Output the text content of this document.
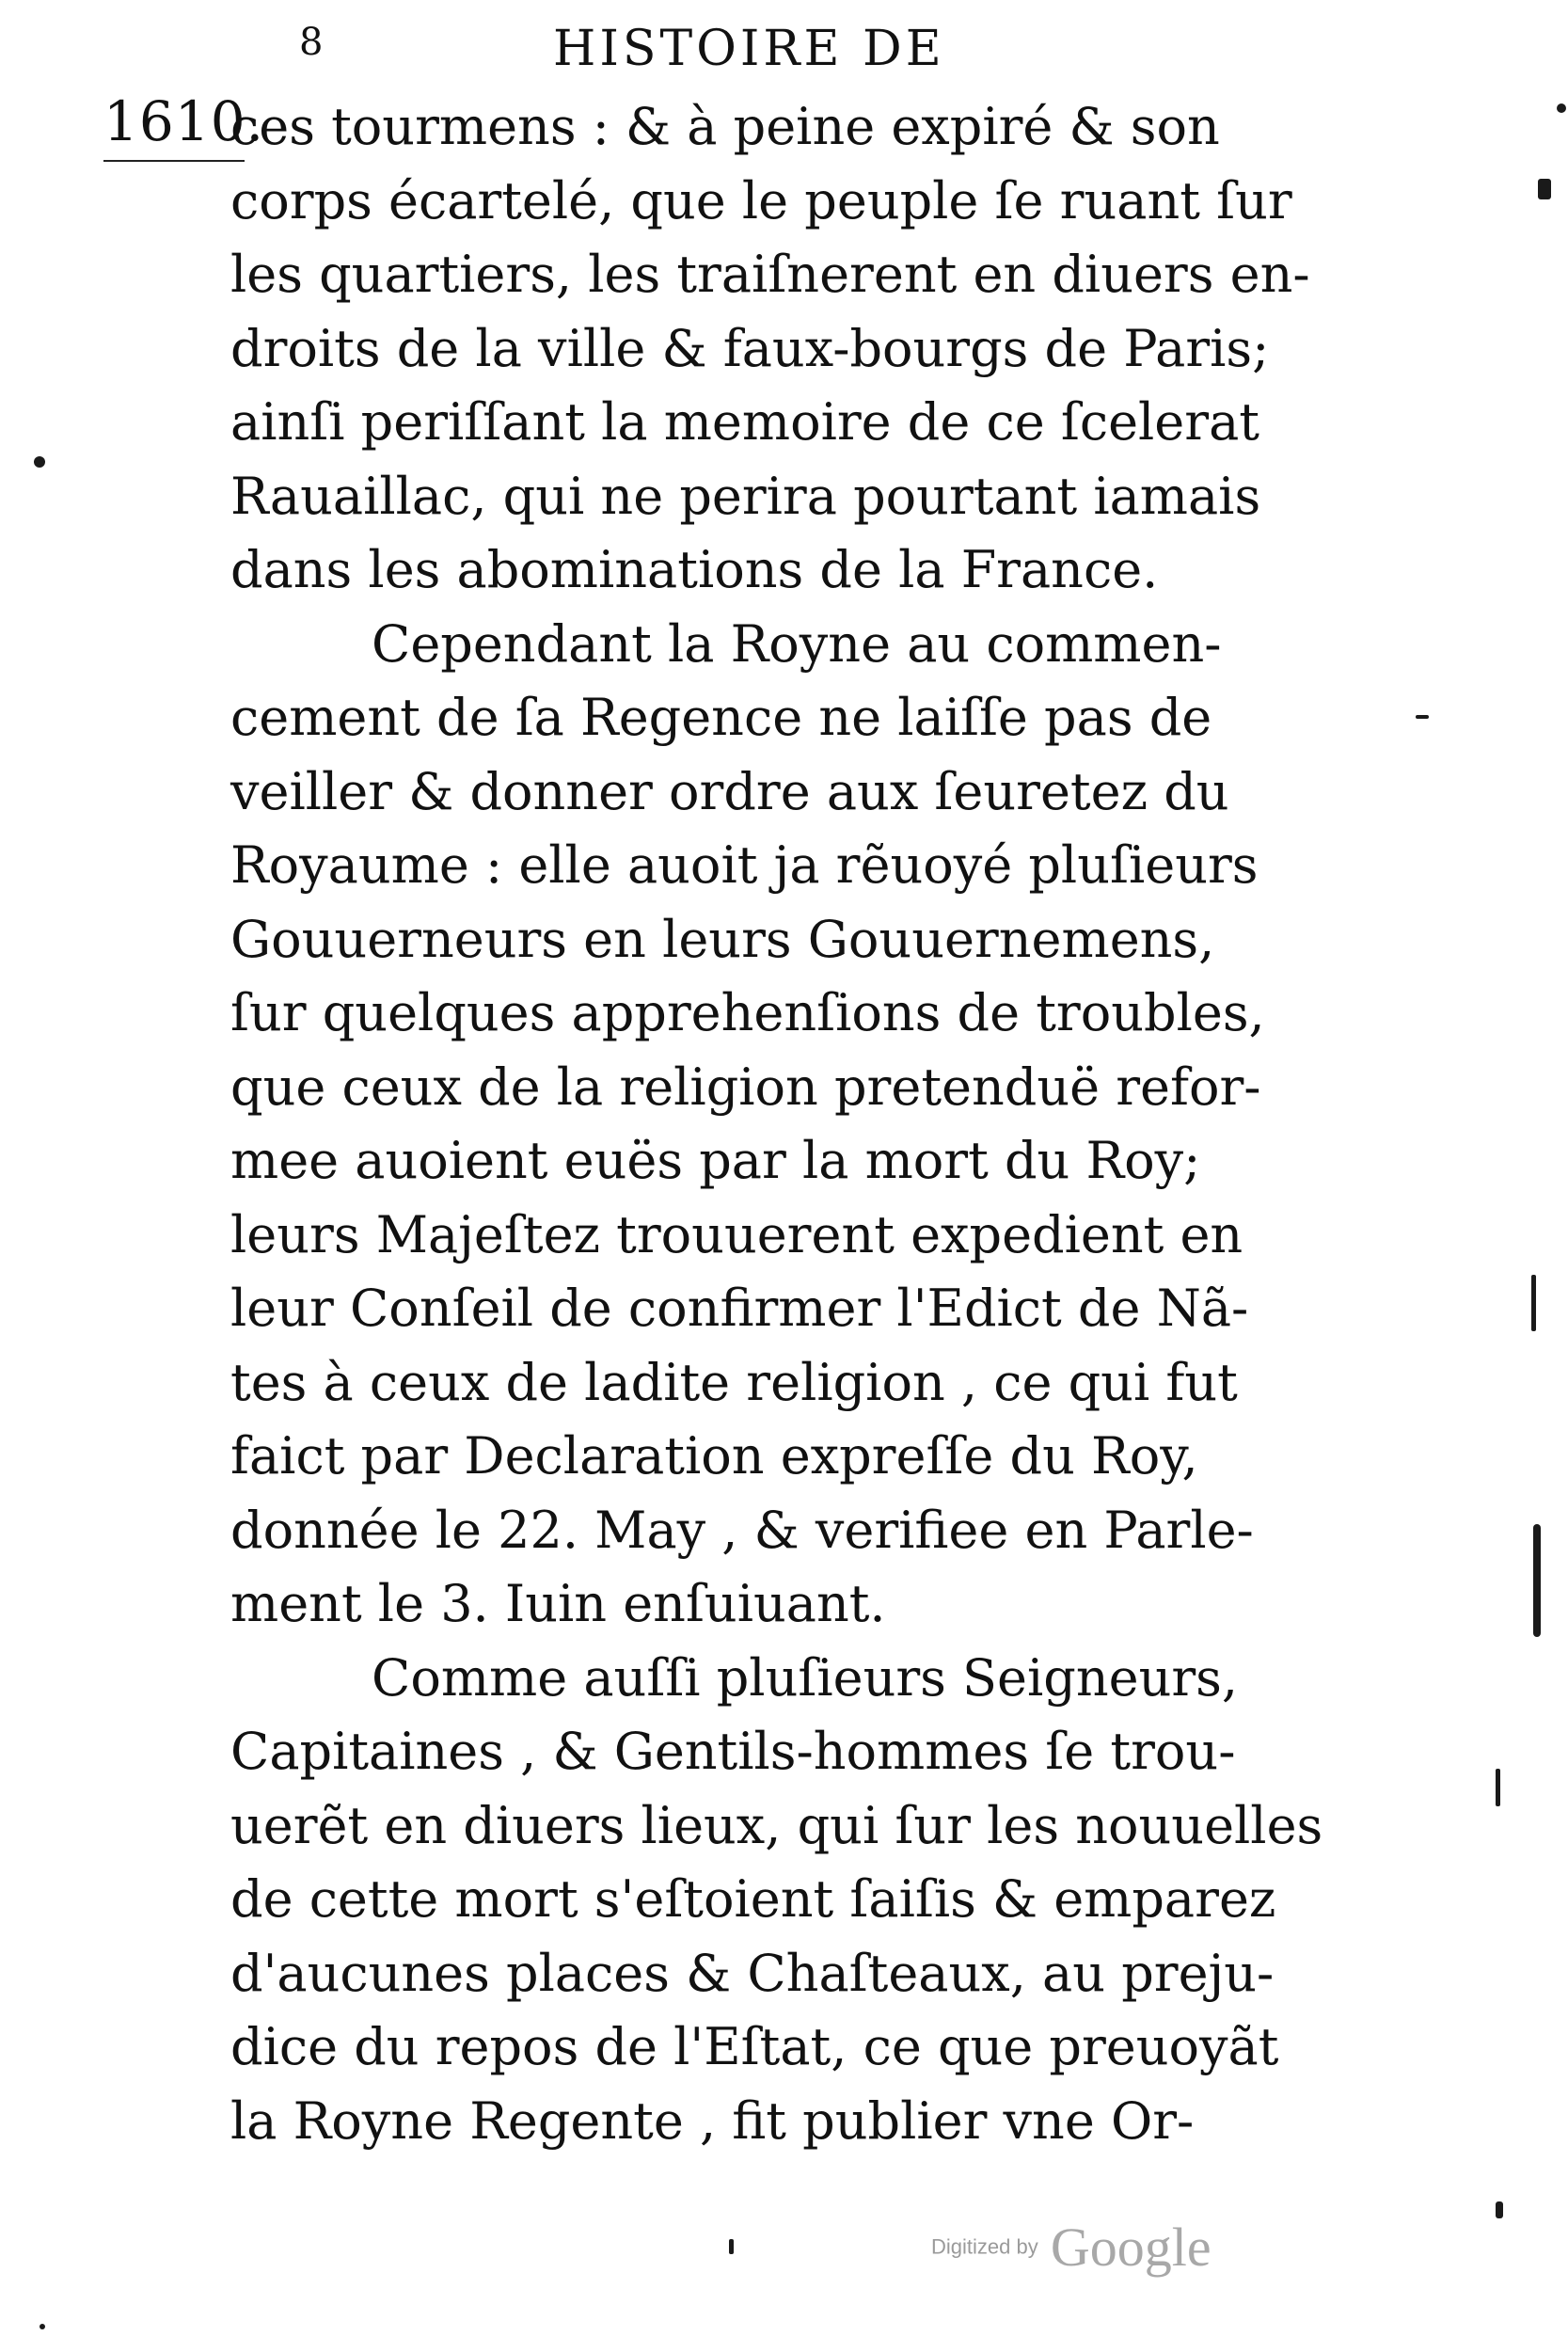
8	HISTOIRE DE
1610.
ces tourmens : & à peine expiré & son
corps écartelé, que le peuple ſe ruant ſur
les quartiers, les traiſnerent en diuers en-
droits de la ville & faux-bourgs de Paris;
ainſi periſſant la memoire de ce ſcelerat
Rauaillac, qui ne perira pourtant iamais
dans les abominations de la France.
Cependant la Royne au commen-
cement de ſa Regence ne laiſſe pas de
veiller & donner ordre aux ſeuretez du
Royaume : elle auoit ja rẽuoyé pluſieurs
Gouuerneurs en leurs Gouuernemens,
ſur quelques apprehenſions de troubles,
que ceux de la religion pretenduë refor-
mee auoient euës par la mort du Roy;
leurs Majeſtez trouuerent expedient en
leur Conſeil de confirmer l'Edict de Nã-
tes à ceux de ladite religion , ce qui fut
faict par Declaration expreſſe du Roy,
donnée le 22. May , & verifiee en Parle-
ment le 3. Iuin enſuiuant.
Comme auſſi pluſieurs Seigneurs,
Capitaines , & Gentils-hommes ſe trou-
uerẽt en diuers lieux, qui ſur les nouuelles
de cette mort s'eſtoient ſaiſis & emparez
d'aucunes places & Chaſteaux, au preju-
dice du repos de l'Eſtat, ce que preuoyãt
la Royne Regente , fit publier vne Or-
Digitized by Google
